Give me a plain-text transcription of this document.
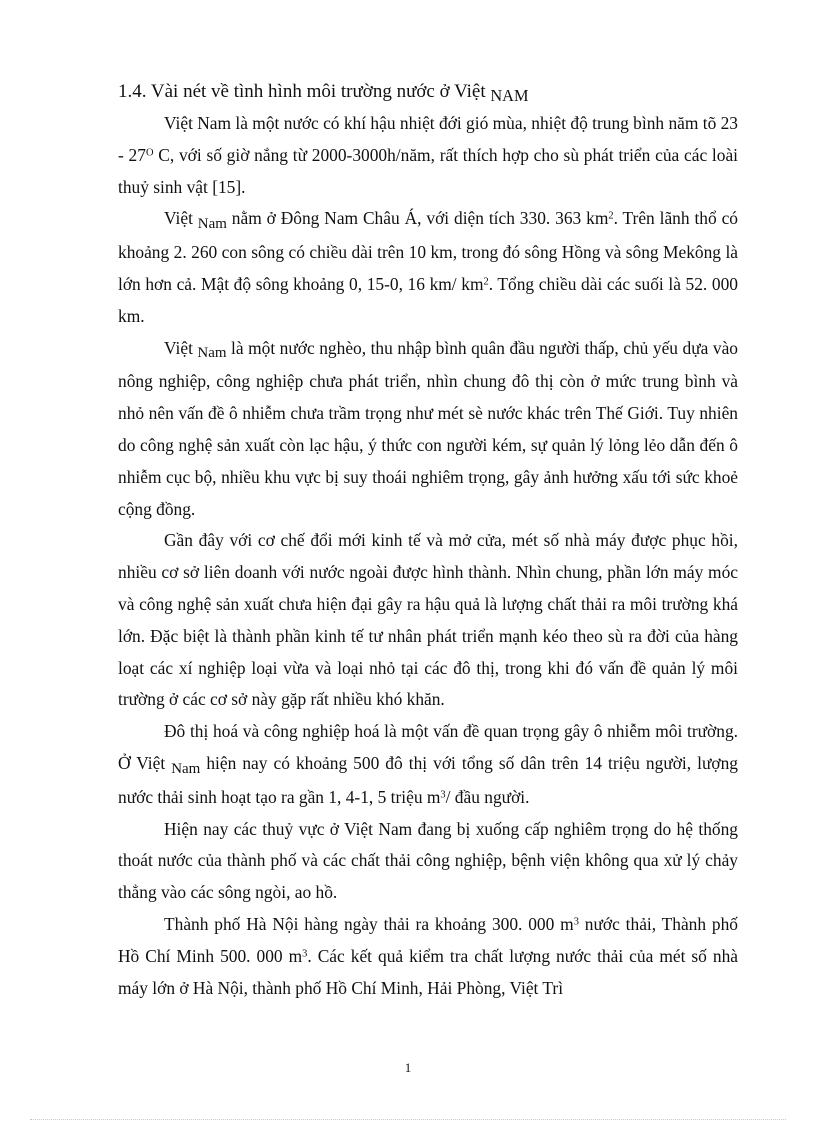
1.4. Vài nét về tình hình môi trường nước ở Việt NAM

Việt Nam là một nước có khí hậu nhiệt đới gió mùa, nhiệt độ trung bình năm tõ $23 - 27^O$ C, với số giờ nắng từ 2000-3000h/năm, rất thích hợp cho sù phát triển của các loài thuỷ sinh vật [15].

Việt Nam nằm ở Đông Nam Châu Á, với diện tích 330. 363 $km^2$. Trên lãnh thổ có khoảng 2. 260 con sông có chiều dài trên 10 km, trong đó sông Hồng và sông Mekông là lớn hơn cả. Mật độ sông khoảng 0, 15-0, 16 km/ $km^2$. Tổng chiều dài các suối là 52. 000 km.

Việt Nam là một nước nghèo, thu nhập bình quân đầu người thấp, chủ yếu dựa vào nông nghiệp, công nghiệp chưa phát triển, nhìn chung đô thị còn ở mức trung bình và nhỏ nên vấn đề ô nhiễm chưa trầm trọng như mét sè nước khác trên Thế Giới. Tuy nhiên do công nghệ sản xuất còn lạc hậu, ý thức con người kém, sự quản lý lỏng lẻo dẫn đến ô nhiễm cục bộ, nhiều khu vực bị suy thoái nghiêm trọng, gây ảnh hưởng xấu tới sức khoẻ cộng đồng.

Gần đây với cơ chế đổi mới kinh tế và mở cửa, mét số nhà máy được phục hồi, nhiều cơ sở liên doanh với nước ngoài được hình thành. Nhìn chung, phần lớn máy móc và công nghệ sản xuất chưa hiện đại gây ra hậu quả là lượng chất thải ra môi trường khá lớn. Đặc biệt là thành phần kinh tế tư nhân phát triển mạnh kéo theo sù ra đời của hàng loạt các xí nghiệp loại vừa và loại nhỏ tại các đô thị, trong khi đó vấn đề quản lý môi trường ở các cơ sở này gặp rất nhiều khó khăn.

Đô thị hoá và công nghiệp hoá là một vấn đề quan trọng gây ô nhiễm môi trường. Ở Việt Nam hiện nay có khoảng 500 đô thị với tổng số dân trên 14 triệu người, lượng nước thải sinh hoạt tạo ra gần 1, 4-1, 5 triệu $m^3/$ đầu người.

Hiện nay các thuỷ vực ở Việt Nam đang bị xuống cấp nghiêm trọng do hệ thống thoát nước của thành phố và các chất thải công nghiệp, bệnh viện không qua xử lý chảy thẳng vào các sông ngòi, ao hồ.

Thành phố Hà Nội hàng ngày thải ra khoảng 300. 000 $m^3$ nước thải, Thành phố Hồ Chí Minh 500. 000 $m^3$. Các kết quả kiểm tra chất lượng nước thải của mét số nhà máy lớn ở Hà Nội, thành phố Hồ Chí Minh, Hải Phòng, Việt Trì

1
